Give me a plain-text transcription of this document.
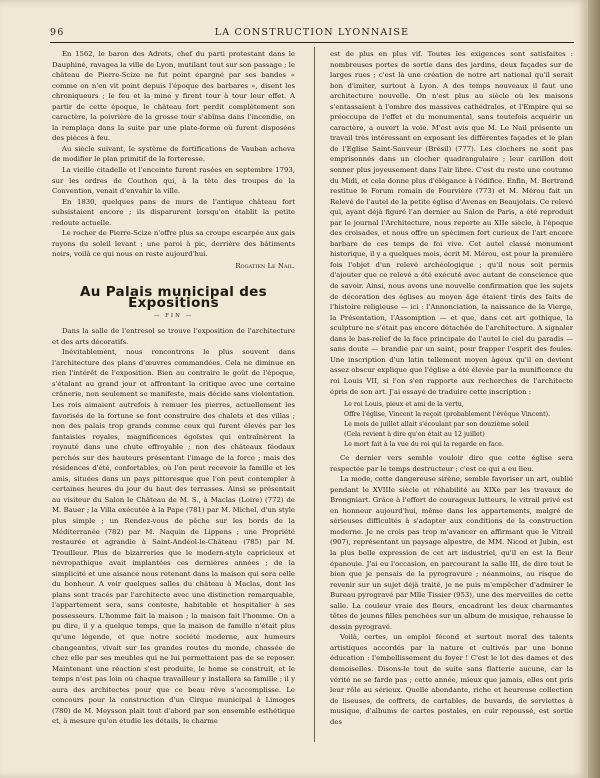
96	LA CONSTRUCTION LYONNAISE

En 1562, le baron des Adrets, chef du parti protestant dans le Dauphiné, ravagea la ville de Lyon, mutilant tout sur son passage ; le château de Pierre-Scize ne fut point épargné par ses bandes « comme on n'en vit point depuis l'époque des barbares », disent les chroniqueurs ; le feu et la mine y firent tour à tour leur effet. A partir de cette époque, le château fort perdit complètement son caractère, la poivrière de la grosse tour s'abîma dans l'incendie, on la remplaça dans la suite par une plate-forme où furent disposées des pièces à feu.

Au siècle suivant, le système de fortifications de Vauban acheva de modifier le plan primitif de la forteresse.

La vieille citadelle et l'enceinte furent rasées en septembre 1793, sur les ordres de Couthon qui, à la tête des troupes de la Convention, venait d'envahir la ville.

En 1830, quelques pans de murs de l'antique château fort subsistaient encore ; ils disparurent lorsqu'on établit la petite redoute actuelle.

Le rocher de Pierre-Scize n'offre plus sa croupe escarpée aux gais rayons du soleil levant ; une paroi à pic, derrière des bâtiments noirs, voilà ce qui nous en reste aujourd'hui.

Rogatien Le Nail.
Au Palais municipal des Expositions
— FIN —

Dans la salle de l'entresol se trouve l'exposition de l'architecture et des arts décoratifs.

Inévitablement, nous rencontrons le plus souvent dans l'architecture des plans d'œuvres commandées. Cela ne diminue en rien l'intérêt de l'exposition. Bien au contraire le goût de l'époque, s'étalant au grand jour et affrontant la critique avec une certaine crânerie, non seulement se manifeste, mais décide sans violentation. Les rois aimaient autrefois à remuer les pierres, actuellement les favorisés de la fortune se font construire des chalets et des villas ; non des palais trop grands comme ceux qui furent élevés par les fantaisies royales, magnificences égoïstes qui entraînèrent la royauté dans une chute effroyable ; non des châteaux féodaux perchés sur des hauteurs présentant l'image de la force ; mais des résidences d'été, confortables, où l'on peut recevoir la famille et les amis, situées dans un pays pittoresque que l'on peut contempler à certaines heures du jour du haut des terrasses. Ainsi se présentait au visiteur du Salon le Château de M. S., à Maclas (Loire) (772) de M. Bauer ; la Villa exécutée à la Pape (781) par M. Michel, d'un style plus simple ; un Rendez-vous de pêche sur les bords de la Méditerranée (782) par M. Naquin de Lippens ; une Propriété restaurée et agrandie à Saint-Andéol-le-Château (785) par M. Trouilleur. Plus de bizarreries que le modern-style capricieux et névropathique avait implantées ces dernières années ; de la simplicité et une aisance nous retenant dans la maison qui sera celle du bonheur. A voir quelques salles du château à Maclas, dont les plans sont tracés par l'architecte avec une distinction remarquable, l'appartement sera, sans conteste, habitable et hospitalier à ses possesseurs. L'homme fait la maison ; la maison fait l'homme. On a pu dire, il y a quelque temps, que la maison de famille n'était plus qu'une légende, et que notre société moderne, aux humeurs changeantes, vivait sur les grandes routes du monde, chassée de chez elle par ses meubles qui ne lui permettaient pas de se reposer. Maintenant une réaction s'est produite, le home se construit, et le temps n'est pas loin où chaque travailleur y installera sa famille ; il y aura des architectes pour que ce beau rêve s'accomplisse. Le concours pour la construction d'un Cirque municipal à Limoges (780) de M. Meysson plait tout d'abord par son ensemble esthétique et, à mesure qu'on étudie les détails, le charme

est de plus en plus vif. Toutes les exigences sont satisfaites : nombreuses portes de sortie dans des jardins, deux façades sur de larges rues ; c'est là une création de notre art national qu'il serait bon d'imiter, surtout à Lyon. A des temps nouveaux il faut une architecture nouvelle. On n'est plus au siècle où les maisons s'entassaient à l'ombre des massives cathédrales, et l'Empire qui se préoccupa de l'effet et du monumental, sans toutefois acquérir un caractère, a ouvert la voie. M'est avis que M. Le Nail présente un travail très intéressant en exposant les différentes façades et le plan de l'Eglise Saint-Sauveur (Brésil) (777). Les clochers ne sont pas emprisonnés dans un clocher quadrangulaire ; leur carillon doit sonner plus joyeusement dans l'air libre. C'est du reste une coutume du Midi, et cela donne plus d'élégance à l'édifice. Enfin, M. Bertrand restitue le Forum romain de Fourvière (773) et M. Mérou fait un Relevé de l'autel de la petite église d'Avenas en Beaujolais. Ce relevé qui, ayant déjà figuré l'an dernier au Salon de Paris, a été reproduit par le journal l'Architecture, nous reporte au XIIe siècle, à l'époque des croisades, et nous offre un spécimen fort curieux de l'art encore barbare de ces temps de foi vive. Cet autel classé monument historique, il y a quelques mois, écrit M. Mérou, est pour la première fois l'objet d'un relevé archéologique ; qu'il nous soit permis d'ajouter que ce relevé a été exécuté avec autant de conscience que de savoir. Ainsi, nous avons une nouvelle confirmation que les sujets de décoration des églises au moyen âge étaient tirés des faits de l'histoire religieuse — ici : l'Annonciation, la naissance de la Vierge, la Présentation, l'Assomption — et que, dans cet art gothique, la sculpture ne s'était pas encore détachée de l'architecture. A signaler dans le bas-relief de la face principale de l'autel le ciel du paradis — sans doute — brandie par un saint, pour frapper l'esprit des foules. Une inscription d'un latin tellement moyen âgeux qu'il en devient assez obscur explique que l'église a été élevée par la munificence du roi Louis VII, si l'on s'en rapporte aux recherches de l'architecte épris de son art. J'ai essayé de traduire cette inscription :

Le roi Louis, pieux et ami de la vertu,
Offre l'église, Vincent la reçoit (probablement l'évêque Vincent).
Le mois de juillet allait s'écoulant par son douzième soleil
(Cela revient à dire qu'on était au 12 juillet)
Le mort fait à la vue du roi qui la regarde en face.

Ce dernier vers semble vouloir dire que cette église sera respectée par le temps destructeur ; c'est ce qui a eu lieu.

La mode, cette dangereuse sirène, semble favoriser un art, oublié pendant le XVIIIe siècle et réhabilité au XIXe par les travaux de Brongniart. Grâce à l'effort de courageux lutteurs, le vitrail privé est en honneur aujourd'hui, même dans les appartements, malgré de sérieuses difficultés à s'adapter aux conditions de la construction moderne. Je ne crois pas trop m'avancer en affirmant que le Vitrail (907), représentant un paysage alpestre, de MM. Nicod et Jubin, est la plus belle expression de cet art industriel, qu'il en est la fleur épanouie. J'ai eu l'occasion, en parcourant la salle III, de dire tout le bien que je pensais de la pyrogravure ; néanmoins, au risque de revenir sur un sujet déjà traité, je ne puis m'empêcher d'admirer le Bureau pyrogravé par Mlle Tissier (953), une des merveilles de cette salle. La couleur vraie des fleurs, encadrant les deux charmantes têtes de jeunes filles penchées sur un album de musique, rehausse le dessin pyrogravé.

Voilà, certes, un emploi fécond et surtout moral des talents artistiques accordés par la nature et cultivés par une bonne éducation : l'embellissement du foyer ! C'est le lot des dames et des demoiselles. Disons-le tout de suite sans flatterie aucune, car la vérité ne se farde pas ; cette année, mieux que jamais, elles ont pris leur rôle au sérieux. Quelle abondante, riche et heureuse collection de liseuses, de coffrets, de cartables, de buvards, de serviettes à musique, d'albums de cartes postales, en cuir repoussé, est sortie des
